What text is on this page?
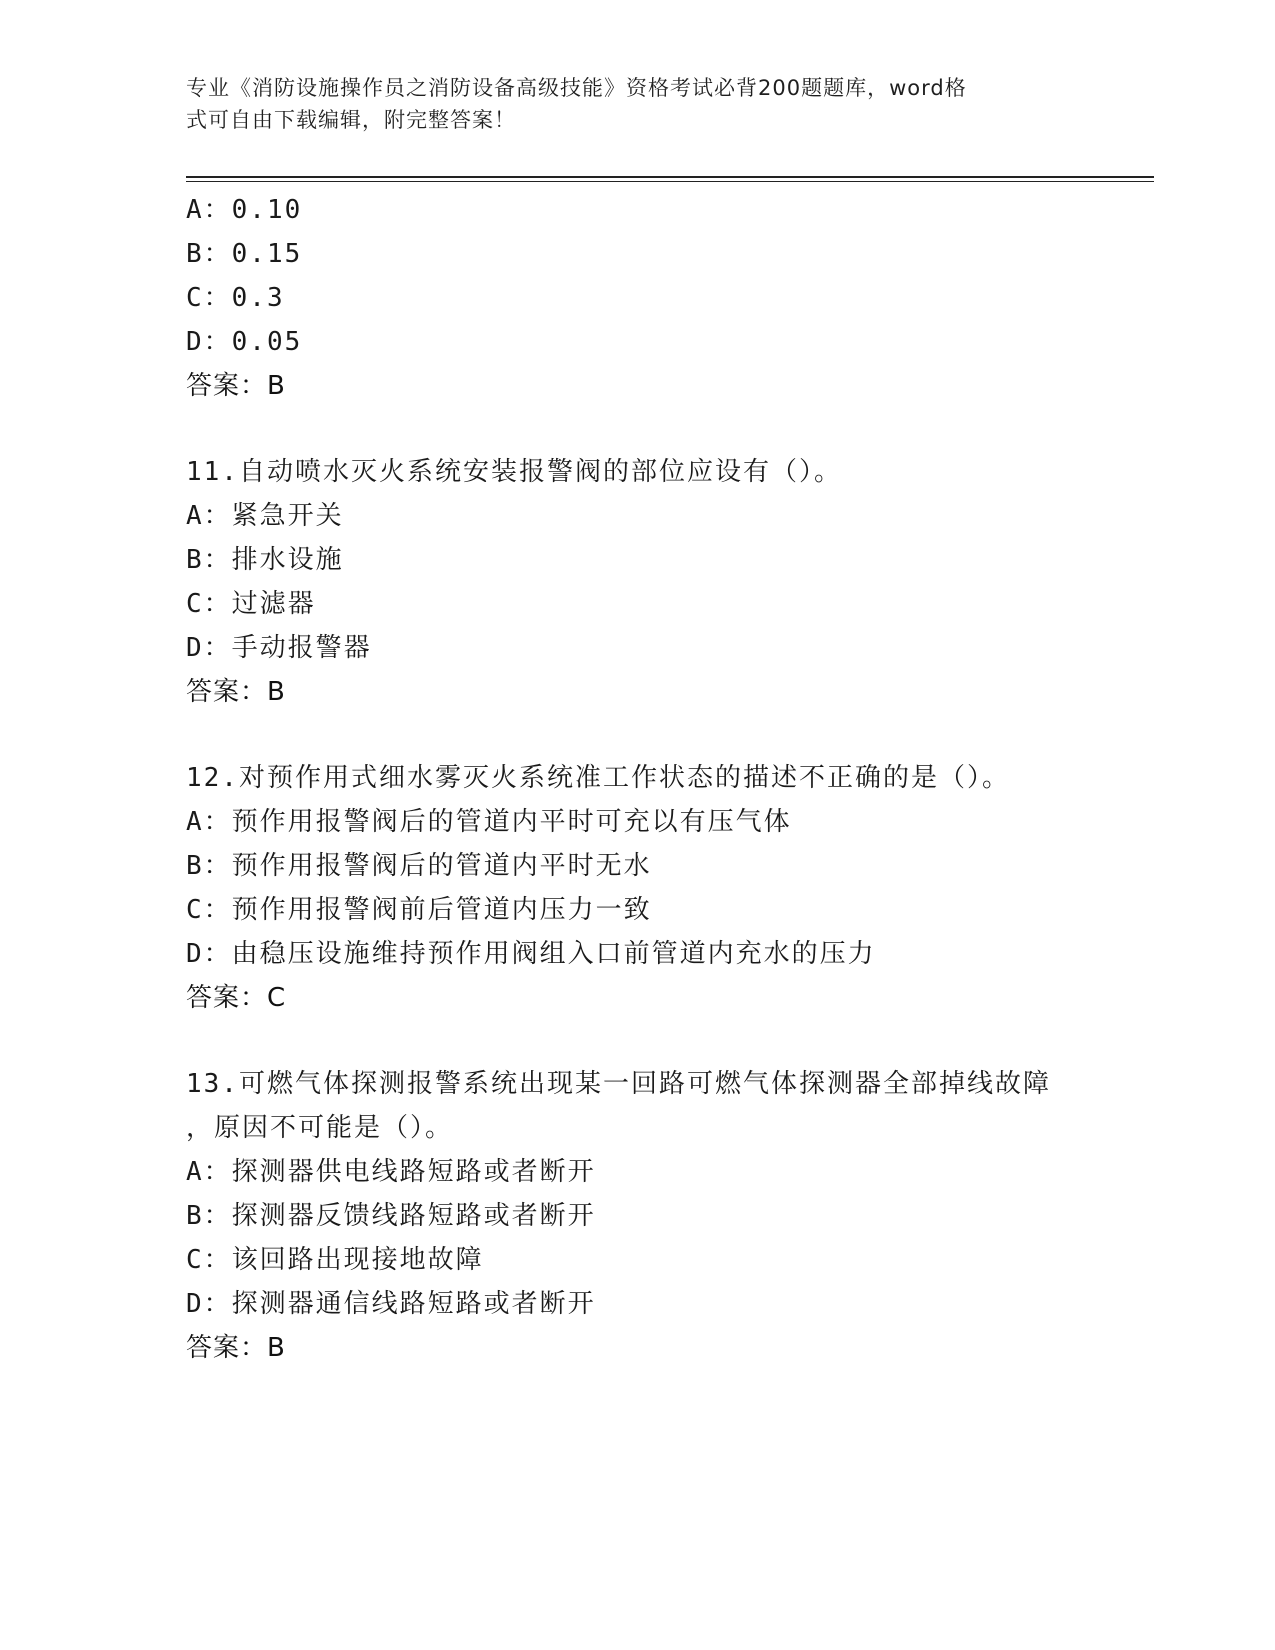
专业《消防设施操作员之消防设备高级技能》资格考试必背200题题库，word格
式可自由下载编辑，附完整答案！
A：0.10
B：0.15
C：0.3
D：0.05
答案：B
11.自动喷水灭火系统安装报警阀的部位应设有（）。
A：紧急开关
B：排水设施
C：过滤器
D：手动报警器
答案：B
12.对预作用式细水雾灭火系统准工作状态的描述不正确的是（）。
A：预作用报警阀后的管道内平时可充以有压气体
B：预作用报警阀后的管道内平时无水
C：预作用报警阀前后管道内压力一致
D：由稳压设施维持预作用阀组入口前管道内充水的压力
答案：C
13.可燃气体探测报警系统出现某一回路可燃气体探测器全部掉线故障
，原因不可能是（）。
A：探测器供电线路短路或者断开
B：探测器反馈线路短路或者断开
C：该回路出现接地故障
D：探测器通信线路短路或者断开
答案：B
